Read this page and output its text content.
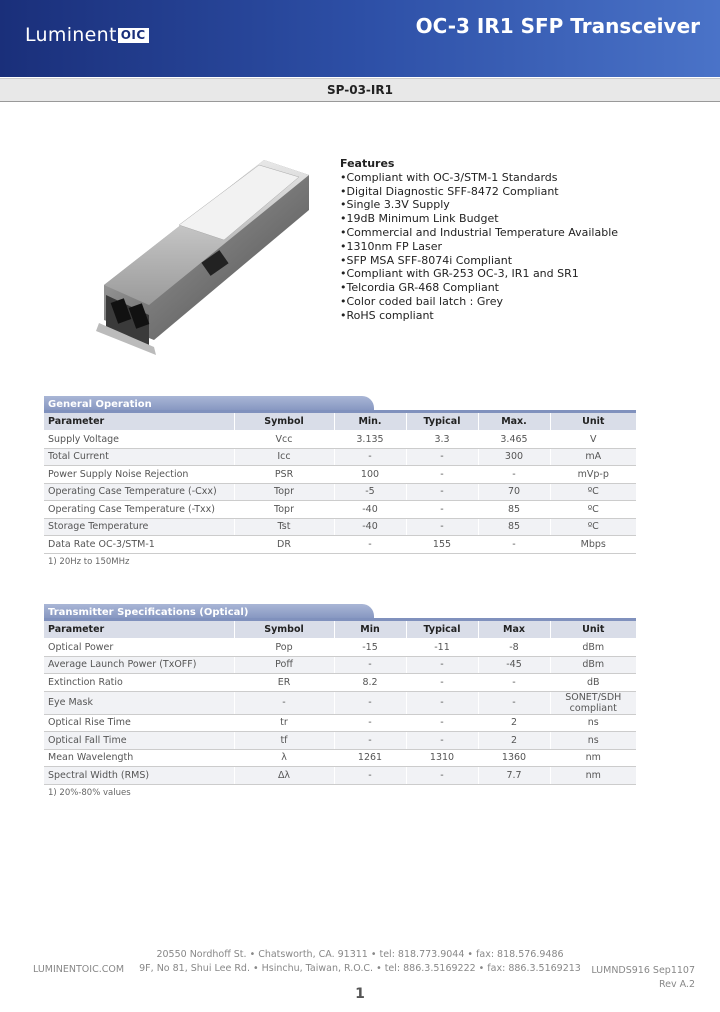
Luminent OIC	OC-3 IR1 SFP Transceiver
SP-03-IR1
Features
• Compliant with OC-3/STM-1 Standards
• Digital Diagnostic SFF-8472 Compliant
• Single 3.3V Supply
• 19dB Minimum Link Budget
• Commercial and Industrial Temperature Available
• 1310nm FP Laser
• SFP MSA SFF-8074i Compliant
• Compliant with GR-253 OC-3, IR1 and SR1
• Telcordia GR-468 Compliant
• Color coded bail latch : Grey
• RoHS compliant
General Operation
Parameter	Symbol	Min.	Typical	Max.	Unit
Supply Voltage	Vcc	3.135	3.3	3.465	V
Total Current	Icc	-	-	300	mA
Power Supply Noise Rejection	PSR	100	-	-	mVp-p
Operating Case Temperature (-Cxx)	Topr	-5	-	70	ºC
Operating Case Temperature (-Txx)	Topr	-40	-	85	ºC
Storage Temperature	Tst	-40	-	85	ºC
Data Rate OC-3/STM-1	DR	-	155	-	Mbps
1) 20Hz to 150MHz
Transmitter Specifications (Optical)
Parameter	Symbol	Min	Typical	Max	Unit
Optical Power	Pop	-15	-11	-8	dBm
Average Launch Power (TxOFF)	Poff	-	-	-45	dBm
Extinction Ratio	ER	8.2	-	-	dB
Eye Mask	-	-	-	-	SONET/SDH compliant
Optical Rise Time	tr	-	-	2	ns
Optical Fall Time	tf	-	-	2	ns
Mean Wavelength	λ	1261	1310	1360	nm
Spectral Width (RMS)	Δλ	-	-	7.7	nm
1) 20%-80% values
LUMINENTOIC.COM
20550 Nordhoff St. • Chatsworth, CA. 91311 • tel: 818.773.9044 • fax: 818.576.9486
9F, No 81, Shui Lee Rd. • Hsinchu, Taiwan, R.O.C. • tel: 886.3.5169222 • fax: 886.3.5169213	LUMNDS916 Sep1107
Rev A.2
1
